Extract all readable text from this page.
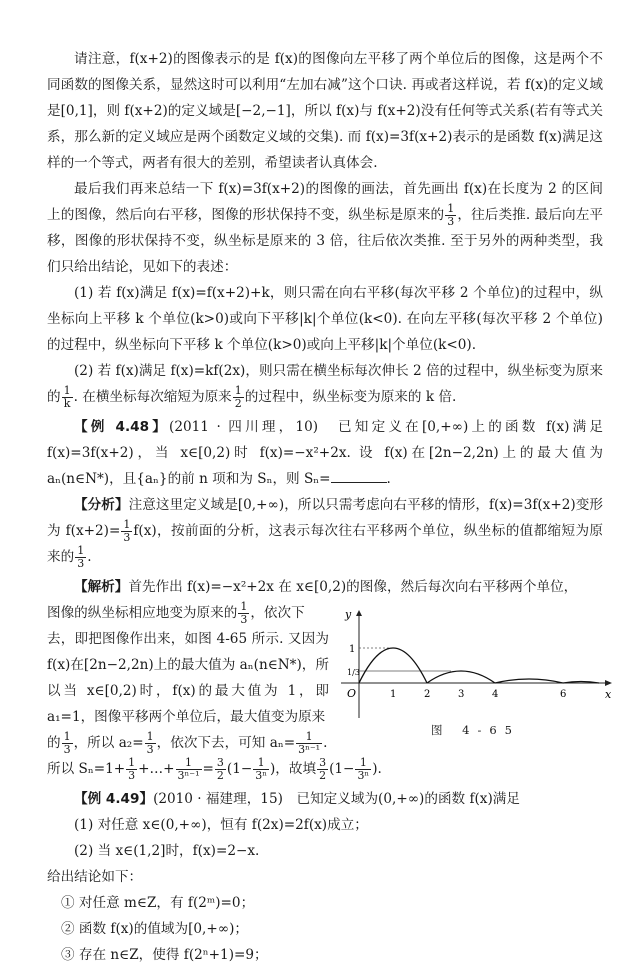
请注意，f(x+2)的图像表示的是 f(x)的图像向左平移了两个单位后的图像，这是两个不同函数的图像关系，显然这时可以利用“左加右减”这个口诀. 再或者这样说，若 f(x)的定义域是[0,1]，则 f(x+2)的定义域是[−2,−1]，所以 f(x)与 f(x+2)没有任何等式关系(若有等式关系，那么新的定义域应是两个函数定义域的交集). 而 f(x)=3f(x+2)表示的是函数 f(x)满足这样的一个等式，两者有很大的差别，希望读者认真体会.

最后我们再来总结一下 f(x)=3f(x+2)的图像的画法，首先画出 f(x)在长度为 2 的区间上的图像，然后向右平移，图像的形状保持不变，纵坐标是原来的 $\frac{1}{3}$ ，往后类推. 最后向左平移，图像的形状保持不变，纵坐标是原来的 3 倍，往后依次类推. 至于另外的两种类型，我们只给出结论，见如下的表述：

(1) 若 f(x)满足 f(x)=f(x+2)+k，则只需在向右平移(每次平移 2 个单位)的过程中，纵坐标向上平移 k 个单位(k>0)或向下平移|k|个单位(k<0). 在向左平移(每次平移 2 个单位)的过程中，纵坐标向下平移 k 个单位(k>0)或向上平移|k|个单位(k<0).

(2) 若 f(x)满足 f(x)=kf(2x)，则只需在横坐标每次伸长 2 倍的过程中，纵坐标变为原来的 $\frac{1}{k}$ . 在横坐标每次缩短为原来 $\frac{1}{2}$ 的过程中，纵坐标变为原来的 k 倍.

【例 4.48】(2011 · 四川理，10)　已知定义在[0,+∞)上的函数 f(x)满足 f(x)=3f(x+2)，当 x∈[0,2)时 f(x)=−x²+2x. 设 f(x)在[2n−2,2n)上的最大值为 aₙ(n∈N*)，且{aₙ}的前 n 项和为 Sₙ，则 Sₙ=	.

【分析】注意这里定义域是[0,+∞)，所以只需考虑向右平移的情形，f(x)=3f(x+2)变形为 $f(x+2)= \frac{1}{3} f(x)$，按前面的分析，这表示每次往右平移两个单位，纵坐标的值都缩短为原来的 $\frac{1}{3}$ .

【解析】首先作出 f(x)=−x²+2x 在 x∈[0,2)的图像，然后每次向右平移两个单位，

图像的纵坐标相应地变为原来的 $\frac{1}{3}$ ，依次下

去，即把图像作出来，如图 4-65 所示. 又因为 f(x)在[2n−2,2n)上的最大值为 aₙ(n∈N*)，所以当 x∈[0,2)时，f(x)的最大值为 1，即 a₁=1，图像平移两个单位后，最大值变为原来

的 $\frac{1}{3}$ ，所以 $a_2= \frac{1}{3}$ ，依次下去，可知 $a_n= \frac{1}{\text{3ⁿ⁻¹}}$ .

所以 $S_n=1+ \frac{1}{3}$ +…+ $\frac{1}{\text{3ⁿ⁻¹}} = \frac{3}{2} (1- \frac{1}{\text{3ⁿ}}$ )，故填 $\frac{3}{2} (1- \frac{1}{\text{3ⁿ}}$ ).

y
x
O
1
1/3
1	2	3	4	6
图 4-65

【例 4.49】(2010 · 福建理，15)　已知定义域为(0,+∞)的函数 f(x)满足

(1) 对任意 x∈(0,+∞)，恒有 f(2x)=2f(x)成立；

(2) 当 x∈(1,2]时，f(x)=2−x.

给出结论如下：

① 对任意 m∈Z，有 f(2ᵐ)=0；

② 函数 f(x)的值域为[0,+∞)；

③ 存在 n∈Z，使得 f(2ⁿ+1)=9；
